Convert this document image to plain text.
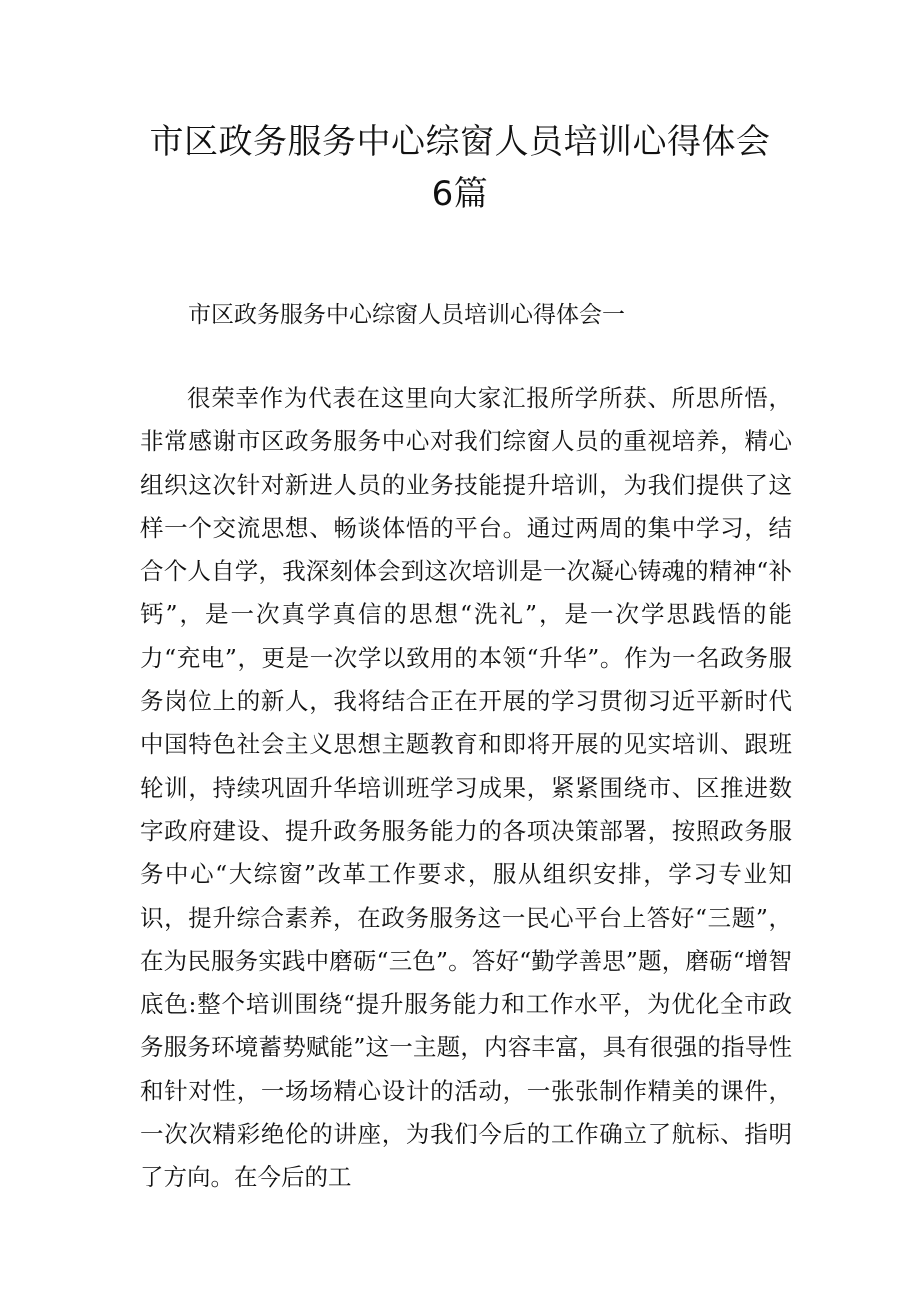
市区政务服务中心综窗人员培训心得体会6篇

市区政务服务中心综窗人员培训心得体会一

很荣幸作为代表在这里向大家汇报所学所获、所思所悟，非常感谢市区政务服务中心对我们综窗人员的重视培养，精心组织这次针对新进人员的业务技能提升培训，为我们提供了这样一个交流思想、畅谈体悟的平台。通过两周的集中学习，结合个人自学，我深刻体会到这次培训是一次凝心铸魂的精神“补钙”，是一次真学真信的思想“洗礼”，是一次学思践悟的能力“充电”，更是一次学以致用的本领“升华”。作为一名政务服务岗位上的新人，我将结合正在开展的学习贯彻习近平新时代中国特色社会主义思想主题教育和即将开展的见实培训、跟班轮训，持续巩固升华培训班学习成果，紧紧围绕市、区推进数字政府建设、提升政务服务能力的各项决策部署，按照政务服务中心“大综窗”改革工作要求，服从组织安排，学习专业知识，提升综合素养，在政务服务这一民心平台上答好“三题”，在为民服务实践中磨砺“三色”。答好“勤学善思”题，磨砺“增智底色:整个培训围绕“提升服务能力和工作水平，为优化全市政务服务环境蓄势赋能”这一主题，内容丰富，具有很强的指导性和针对性，一场场精心设计的活动，一张张制作精美的课件，一次次精彩绝伦的讲座，为我们今后的工作确立了航标、指明了方向。在今后的工
